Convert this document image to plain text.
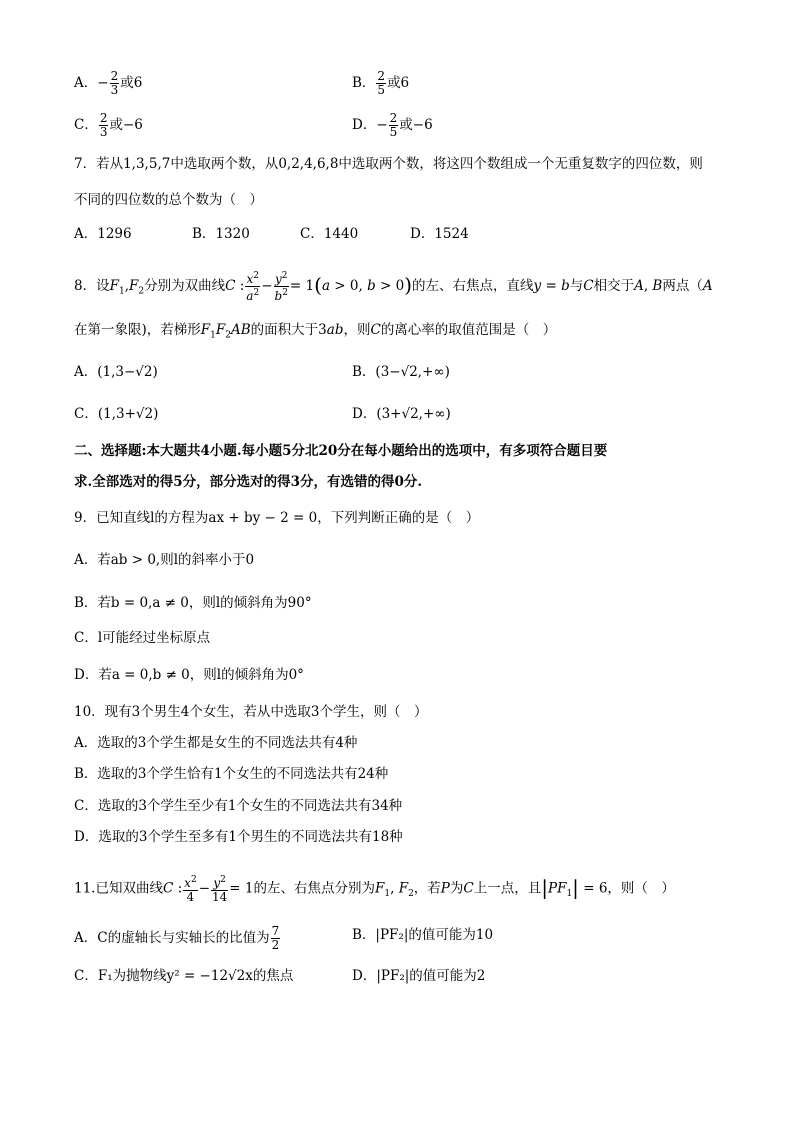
A．− $\frac{2}{3}$ 或6	B． $\frac{2}{5}$ 或6
C． $\frac{2}{3}$ 或−6	D．− $\frac{2}{5}$ 或−6
7．若从1,3,5,7中选取两个数，从0,2,4,6,8中选取两个数，将这四个数组成一个无重复数字的四位数，则
不同的四位数的总个数为（　）
A．1296	B．1320	C．1440	D．1524
8．设$F_1,F_2$分别为双曲线C : $\frac{x^2}{a^2} - \frac{y^2}{b^2} = 1(a > 0$, b > 0)的左、右焦点，直线y = b与C相交于A, B两点（A
在第一象限)，若梯形$F_1F_2AB$的面积大于3ab，则C的离心率的取值范围是（　）
A．(1,3−√2)	B．(3−√2,+∞)
C．(1,3+√2)	D．(3+√2,+∞)
二、选择题:本大题共4小题.每小题5分北20分在每小题给出的选项中，有多项符合题目要
求.全部选对的得5分，部分选对的得3分，有选错的得0分.
9．已知直线l的方程为ax + by − 2 = 0，下列判断正确的是（　）
A．若ab > 0,则l的斜率小于0
B．若b = 0,a ≠ 0，则l的倾斜角为90°
C．l可能经过坐标原点
D．若a = 0,b ≠ 0，则l的倾斜角为0°
10．现有3个男生4个女生，若从中选取3个学生，则（　）
A．选取的3个学生都是女生的不同选法共有4种
B．选取的3个学生恰有1个女生的不同选法共有24种
C．选取的3个学生至少有1个女生的不同选法共有34种
D．选取的3个学生至多有1个男生的不同选法共有18种
11.已知双曲线C : $\frac{x^2}{4} - \frac{y^2}{14} = 1$的左、右焦点分别为$F_1$, $F_2$，若P为C上一点，且$|PF_1| = 6$，则（　）
A．C的虚轴长与实轴长的比值为 $\frac{7}{2}$	B．|PF₂|的值可能为10
C．F₁为抛物线y² = −12√2x的焦点	D．|PF₂|的值可能为2
